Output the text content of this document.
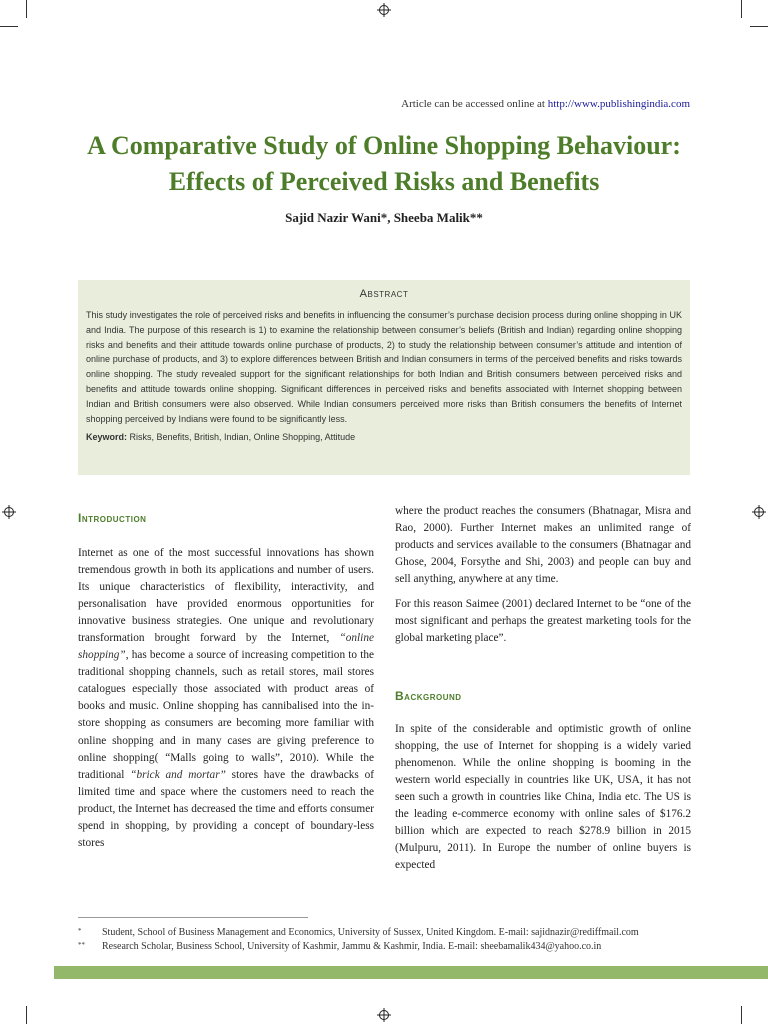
Article can be accessed online at http://www.publishingindia.com
A Comparative Study of Online Shopping Behaviour: Effects of Perceived Risks and Benefits
Sajid Nazir Wani*, Sheeba Malik**
Abstract

This study investigates the role of perceived risks and benefits in influencing the consumer’s purchase decision process during online shopping in UK and India. The purpose of this research is 1) to examine the relationship between consumer’s beliefs (British and Indian) regarding online shopping risks and benefits and their attitude towards online purchase of products, 2) to study the relationship between consumer’s attitude and intention of online purchase of products, and 3) to explore differences between British and Indian consumers in terms of the perceived benefits and risks towards online shopping. The study revealed support for the significant relationships for both Indian and British consumers between perceived risks and benefits and attitude towards online shopping. Significant differences in perceived risks and benefits associated with Internet shopping between Indian and British consumers were also observed. While Indian consumers perceived more risks than British consumers the benefits of Internet shopping perceived by Indians were found to be significantly less.

Keyword: Risks, Benefits, British, Indian, Online Shopping, Attitude
Introduction

Internet as one of the most successful innovations has shown tremendous growth in both its applications and number of users. Its unique characteristics of flexibility, interactivity, and personalisation have provided enormous opportunities for innovative business strategies. One unique and revolutionary transformation brought forward by the Internet, “online shopping”, has become a source of increasing competition to the traditional shopping channels, such as retail stores, mail stores catalogues especially those associated with product areas of books and music. Online shopping has cannibalised into the in-store shopping as consumers are becoming more familiar with online shopping and in many cases are giving preference to online shopping( “Malls going to walls”, 2010). While the traditional “brick and mortar” stores have the drawbacks of limited time and space where the customers need to reach the product, the Internet has decreased the time and efforts consumer spend in shopping, by providing a concept of boundary-less stores

where the product reaches the consumers (Bhatnagar, Misra and Rao, 2000). Further Internet makes an unlimited range of products and services available to the consumers (Bhatnagar and Ghose, 2004, Forsythe and Shi, 2003) and people can buy and sell anything, anywhere at any time.

For this reason Saimee (2001) declared Internet to be “one of the most significant and perhaps the greatest marketing tools for the global marketing place”.

Background

In spite of the considerable and optimistic growth of online shopping, the use of Internet for shopping is a widely varied phenomenon. While the online shopping is booming in the western world especially in countries like UK, USA, it has not seen such a growth in countries like China, India etc. The US is the leading e-commerce economy with online sales of $176.2 billion which are expected to reach $278.9 billion in 2015 (Mulpuru, 2011). In Europe the number of online buyers is expected

* Student, School of Business Management and Economics, University of Sussex, United Kingdom. E-mail: sajidnazir@rediffmail.com
** Research Scholar, Business School, University of Kashmir, Jammu & Kashmir, India. E-mail: sheebamalik434@yahoo.co.in
